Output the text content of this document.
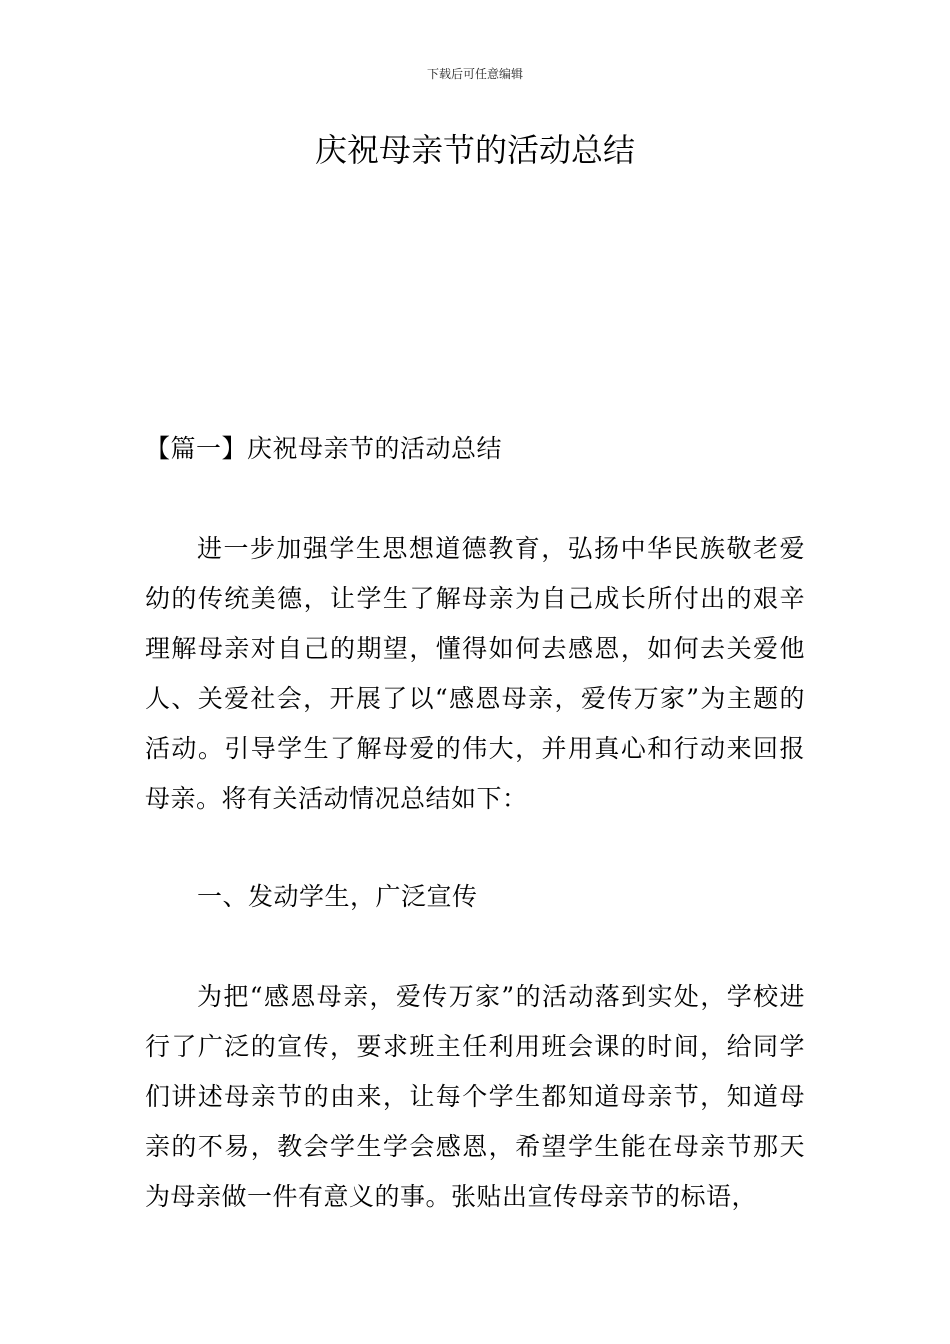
下载后可任意编辑
庆祝母亲节的活动总结

【篇一】庆祝母亲节的活动总结

进一步加强学生思想道德教育，弘扬中华民族敬老爱幼的传统美德，让学生了解母亲为自己成长所付出的艰辛理解母亲对自己的期望，懂得如何去感恩，如何去关爱他人、关爱社会，开展了以“感恩母亲，爱传万家”为主题的活动。引导学生了解母爱的伟大，并用真心和行动来回报母亲。将有关活动情况总结如下：

一、发动学生，广泛宣传

为把“感恩母亲，爱传万家”的活动落到实处，学校进行了广泛的宣传，要求班主任利用班会课的时间，给同学们讲述母亲节的由来，让每个学生都知道母亲节，知道母亲的不易，教会学生学会感恩，希望学生能在母亲节那天为母亲做一件有意义的事。张贴出宣传母亲节的标语，
